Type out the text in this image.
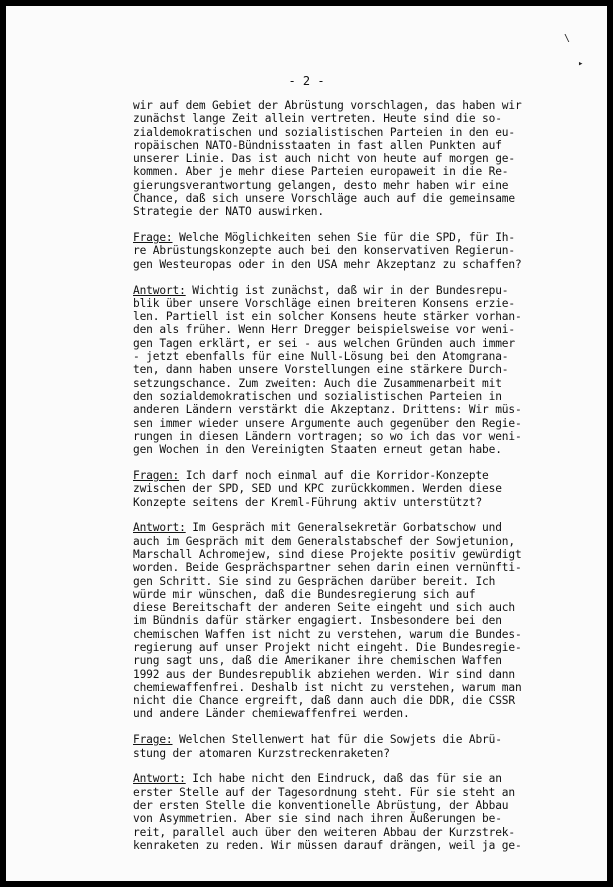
\
▸
- 2 -
wir auf dem Gebiet der Abrüstung vorschlagen, das haben wir
zunächst lange Zeit allein vertreten. Heute sind die so-
zialdemokratischen und sozialistischen Parteien in den eu-
ropäischen NATO-Bündnisstaaten in fast allen Punkten auf
unserer Linie. Das ist auch nicht von heute auf morgen ge-
kommen. Aber je mehr diese Parteien europaweit in die Re-
gierungsverantwortung gelangen, desto mehr haben wir eine
Chance, daß sich unsere Vorschläge auch auf die gemeinsame
Strategie der NATO auswirken.
Frage: Welche Möglichkeiten sehen Sie für die SPD, für Ih-
re Abrüstungskonzepte auch bei den konservativen Regierun-
gen Westeuropas oder in den USA mehr Akzeptanz zu schaffen?
Antwort: Wichtig ist zunächst, daß wir in der Bundesrepu-
blik über unsere Vorschläge einen breiteren Konsens erzie-
len. Partiell ist ein solcher Konsens heute stärker vorhan-
den als früher. Wenn Herr Dregger beispielsweise vor weni-
gen Tagen erklärt, er sei - aus welchen Gründen auch immer
- jetzt ebenfalls für eine Null-Lösung bei den Atomgrana-
ten, dann haben unsere Vorstellungen eine stärkere Durch-
setzungschance. Zum zweiten: Auch die Zusammenarbeit mit
den sozialdemokratischen und sozialistischen Parteien in
anderen Ländern verstärkt die Akzeptanz. Drittens: Wir müs-
sen immer wieder unsere Argumente auch gegenüber den Regie-
rungen in diesen Ländern vortragen; so wo ich das vor weni-
gen Wochen in den Vereinigten Staaten erneut getan habe.
Fragen: Ich darf noch einmal auf die Korridor-Konzepte
zwischen der SPD, SED und KPC zurückkommen. Werden diese
Konzepte seitens der Kreml-Führung aktiv unterstützt?
Antwort: Im Gespräch mit Generalsekretär Gorbatschow und
auch im Gespräch mit dem Generalstabschef der Sowjetunion,
Marschall Achromejew, sind diese Projekte positiv gewürdigt
worden. Beide Gesprächspartner sehen darin einen vernünfti-
gen Schritt. Sie sind zu Gesprächen darüber bereit. Ich
würde mir wünschen, daß die Bundesregierung sich auf
diese Bereitschaft der anderen Seite eingeht und sich auch
im Bündnis dafür stärker engagiert. Insbesondere bei den
chemischen Waffen ist nicht zu verstehen, warum die Bundes-
regierung auf unser Projekt nicht eingeht. Die Bundesregie-
rung sagt uns, daß die Amerikaner ihre chemischen Waffen
1992 aus der Bundesrepublik abziehen werden. Wir sind dann
chemiewaffenfrei. Deshalb ist nicht zu verstehen, warum man
nicht die Chance ergreift, daß dann auch die DDR, die CSSR
und andere Länder chemiewaffenfrei werden.
Frage: Welchen Stellenwert hat für die Sowjets die Abrü-
stung der atomaren Kurzstreckenraketen?
Antwort: Ich habe nicht den Eindruck, daß das für sie an
erster Stelle auf der Tagesordnung steht. Für sie steht an
der ersten Stelle die konventionelle Abrüstung, der Abbau
von Asymmetrien. Aber sie sind nach ihren Äußerungen be-
reit, parallel auch über den weiteren Abbau der Kurzstrek-
kenraketen zu reden. Wir müssen darauf drängen, weil ja ge-
